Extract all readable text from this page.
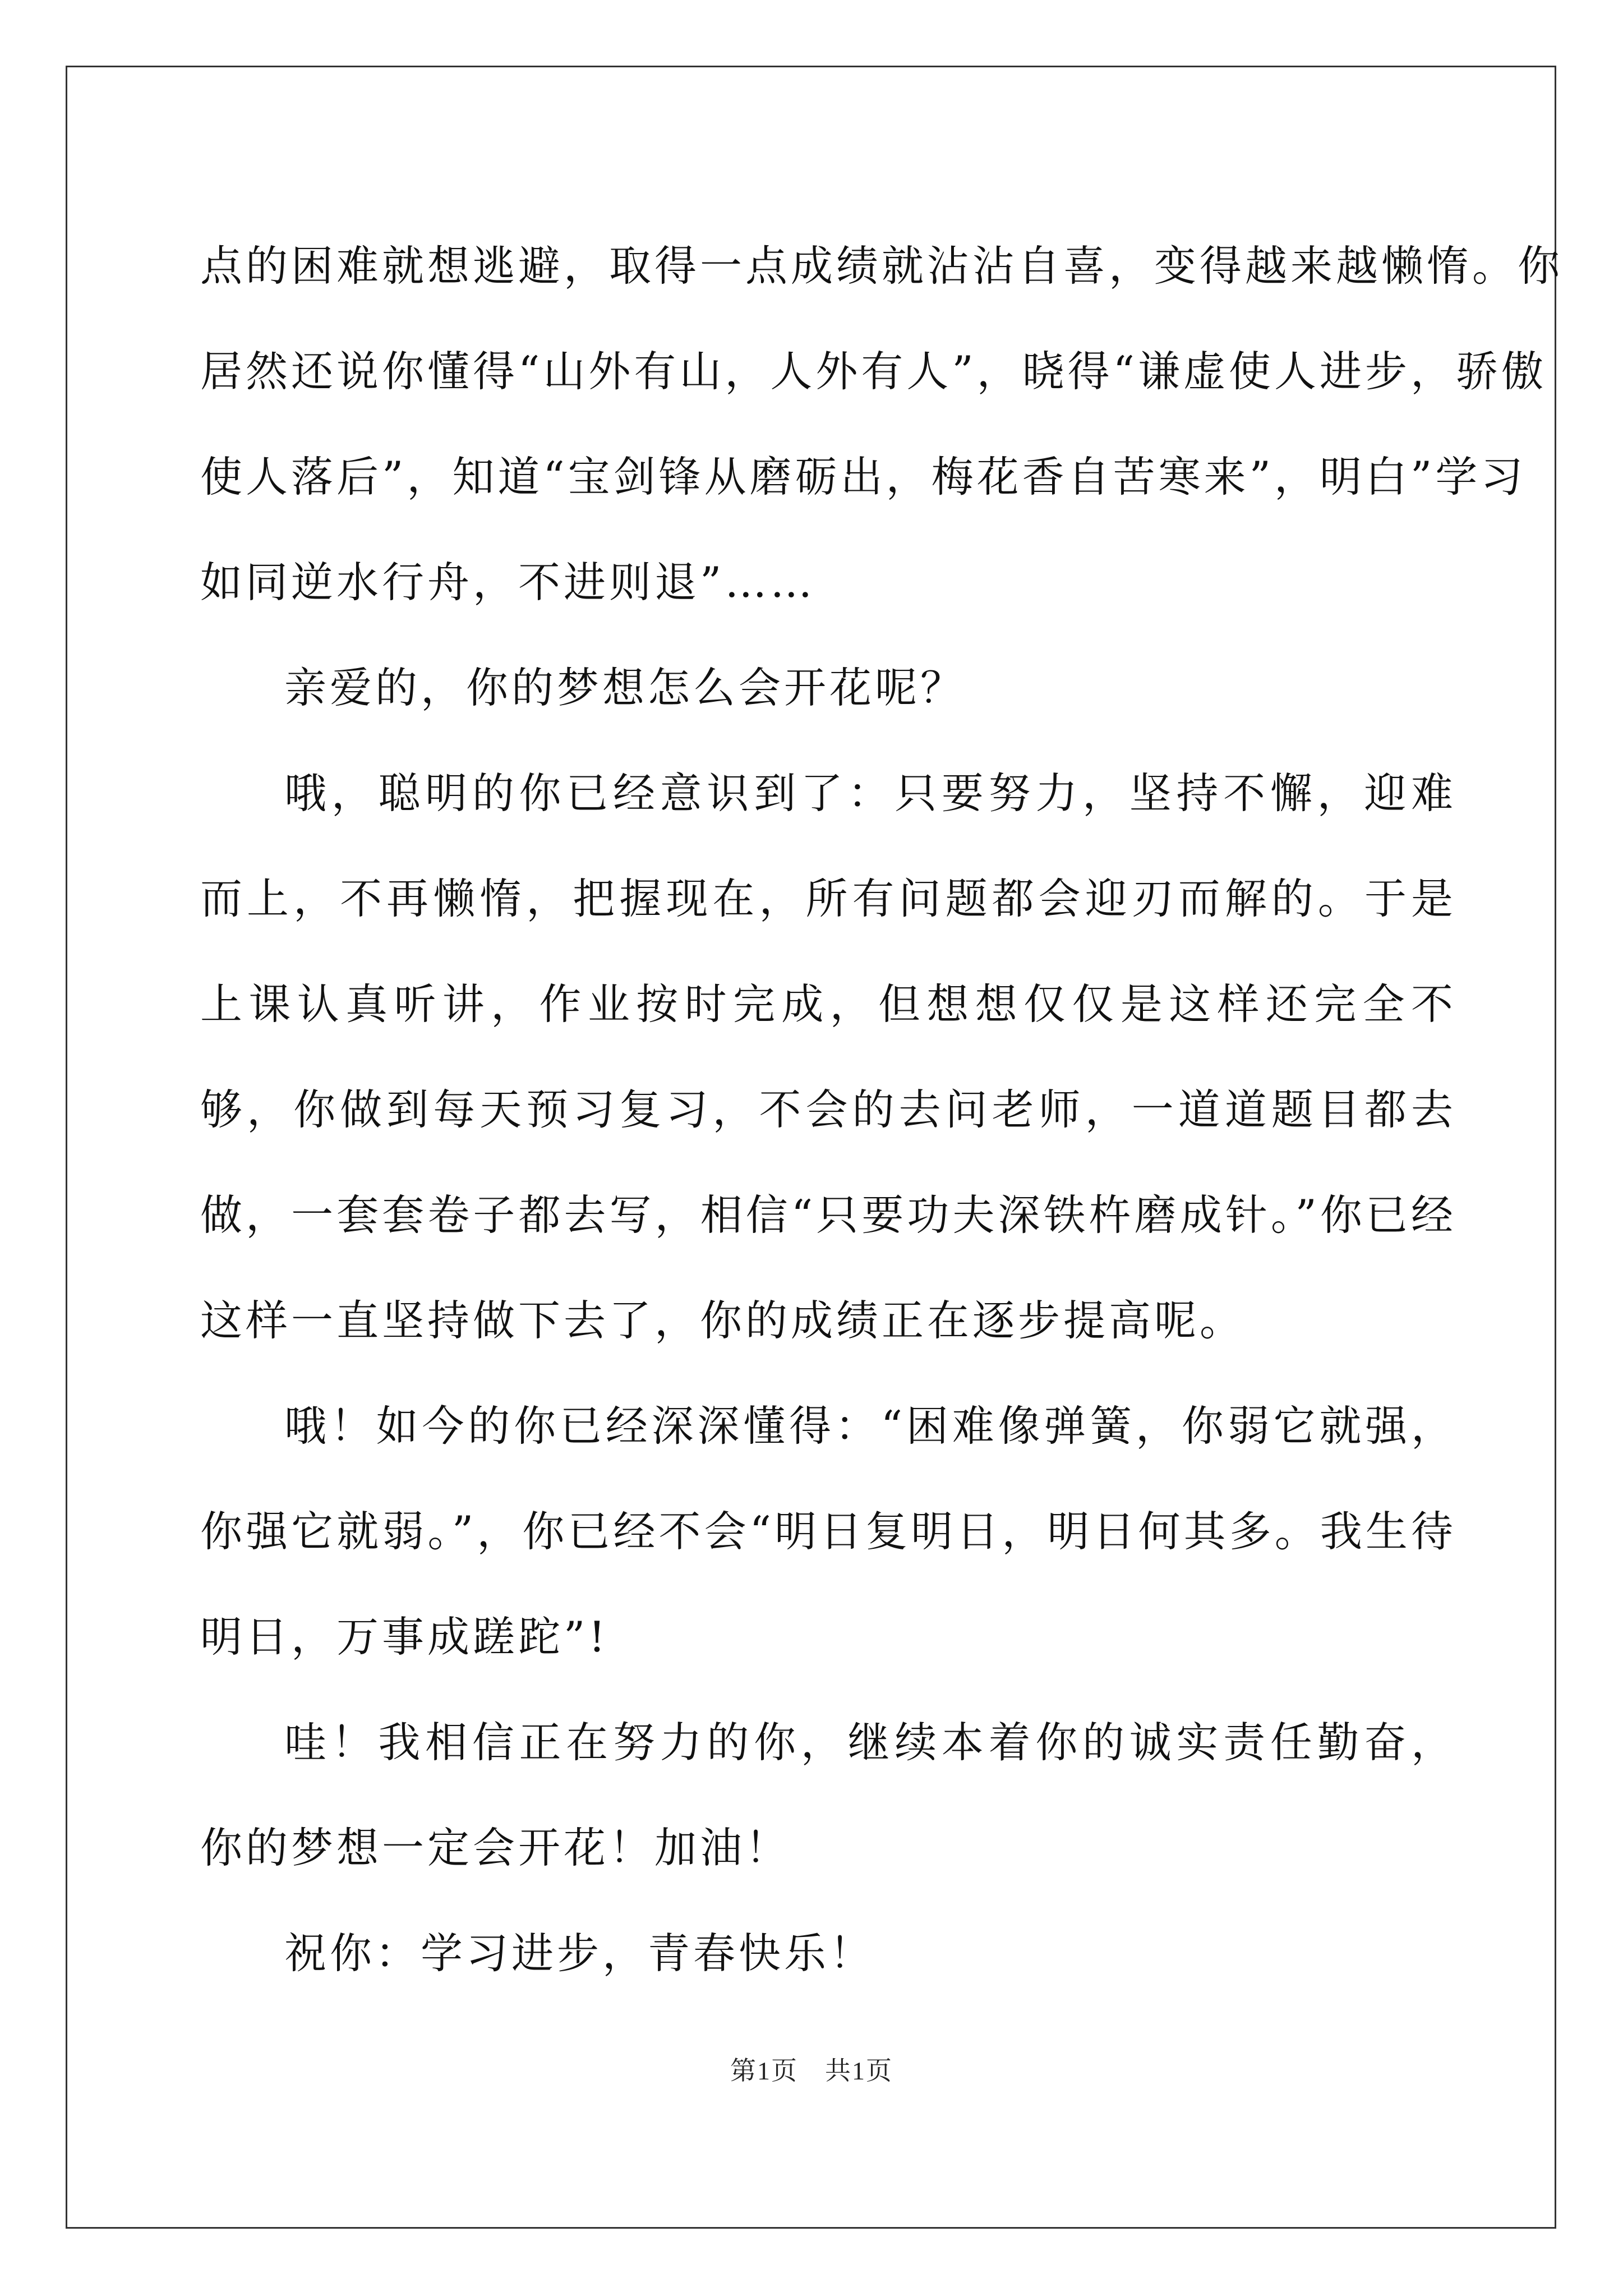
点的困难就想逃避，取得一点成绩就沾沾自喜，变得越来越懒惰。你

居然还说你懂得“山外有山，人外有人”，晓得“谦虚使人进步，骄傲

使人落后”，知道“宝剑锋从磨砺出，梅花香自苦寒来”，明白”学习

如同逆水行舟，不进则退”……

亲爱的，你的梦想怎么会开花呢？

哦，聪明的你已经意识到了：只要努力，坚持不懈，迎难而上，不再懒惰，把握现在，所有问题都会迎刃而解的。于是上课认真听讲，作业按时完成，但想想仅仅是这样还完全不够，你做到每天预习复习，不会的去问老师，一道道题目都去做，一套套卷子都去写，相信“只要功夫深铁杵磨成针。”你已经这样一直坚持做下去了，你的成绩正在逐步提高呢。

哦！如今的你已经深深懂得：“困难像弹簧，你弱它就强，你强它就弱。”，你已经不会“明日复明日，明日何其多。我生待明日，万事成蹉跎”!

哇！我相信正在努力的你，继续本着你的诚实责任勤奋，你的梦想一定会开花！加油！

祝你：学习进步，青春快乐！

第1页　共1页
